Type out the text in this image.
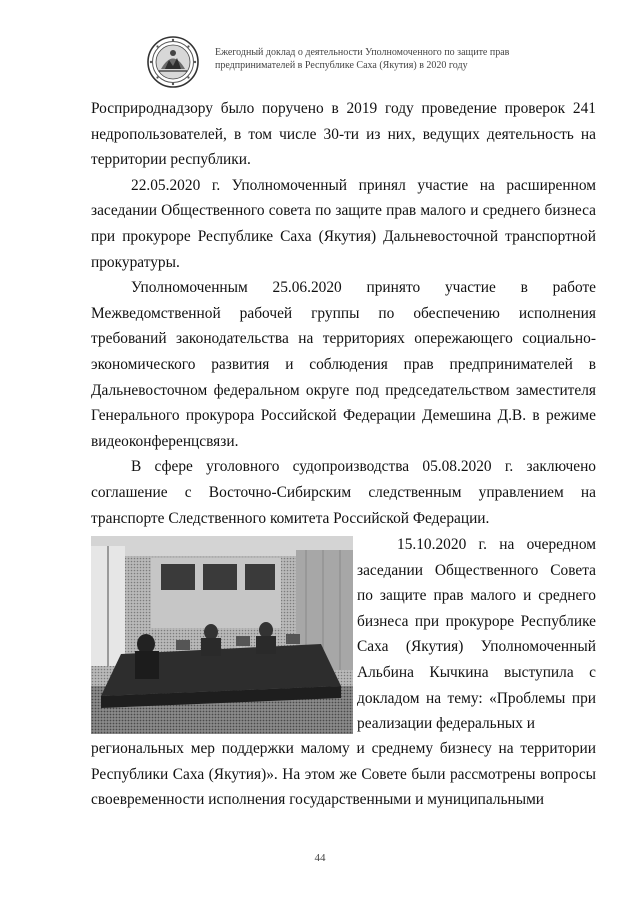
Ежегодный доклад о деятельности Уполномоченного по защите прав
предпринимателей в Республике Саха (Якутия) в 2020 году

Росприроднадзору было поручено в 2019 году проведение проверок 241 недропользователей, в том числе 30-ти из них, ведущих деятельность на территории республики.

22.05.2020 г. Уполномоченный принял участие на расширенном заседании Общественного совета по защите прав малого и среднего бизнеса при прокуроре Республике Саха (Якутия) Дальневосточной транспортной прокуратуры.

Уполномоченным 25.06.2020 принято участие в работе Межведомственной рабочей группы по обеспечению исполнения требований законодательства на территориях опережающего социально-экономического развития и соблюдения прав предпринимателей в Дальневосточном федеральном округе под председательством заместителя Генерального прокурора Российской Федерации Демешина Д.В. в режиме видеоконференцсвязи.

В сфере уголовного судопроизводства 05.08.2020 г. заключено соглашение с Восточно-Сибирским следственным управлением на транспорте Следственного комитета Российской Федерации.

15.10.2020 г. на очередном заседании Общественного Совета по защите прав малого и среднего бизнеса при прокуроре Республике Саха (Якутия) Уполномоченный Альбина Кычкина выступила с докладом на тему: «Проблемы при реализации федеральных и

региональных мер поддержки малому и среднему бизнесу на территории Республики Саха (Якутия)». На этом же Совете были рассмотрены вопросы своевременности исполнения государственными и муниципальными

44
